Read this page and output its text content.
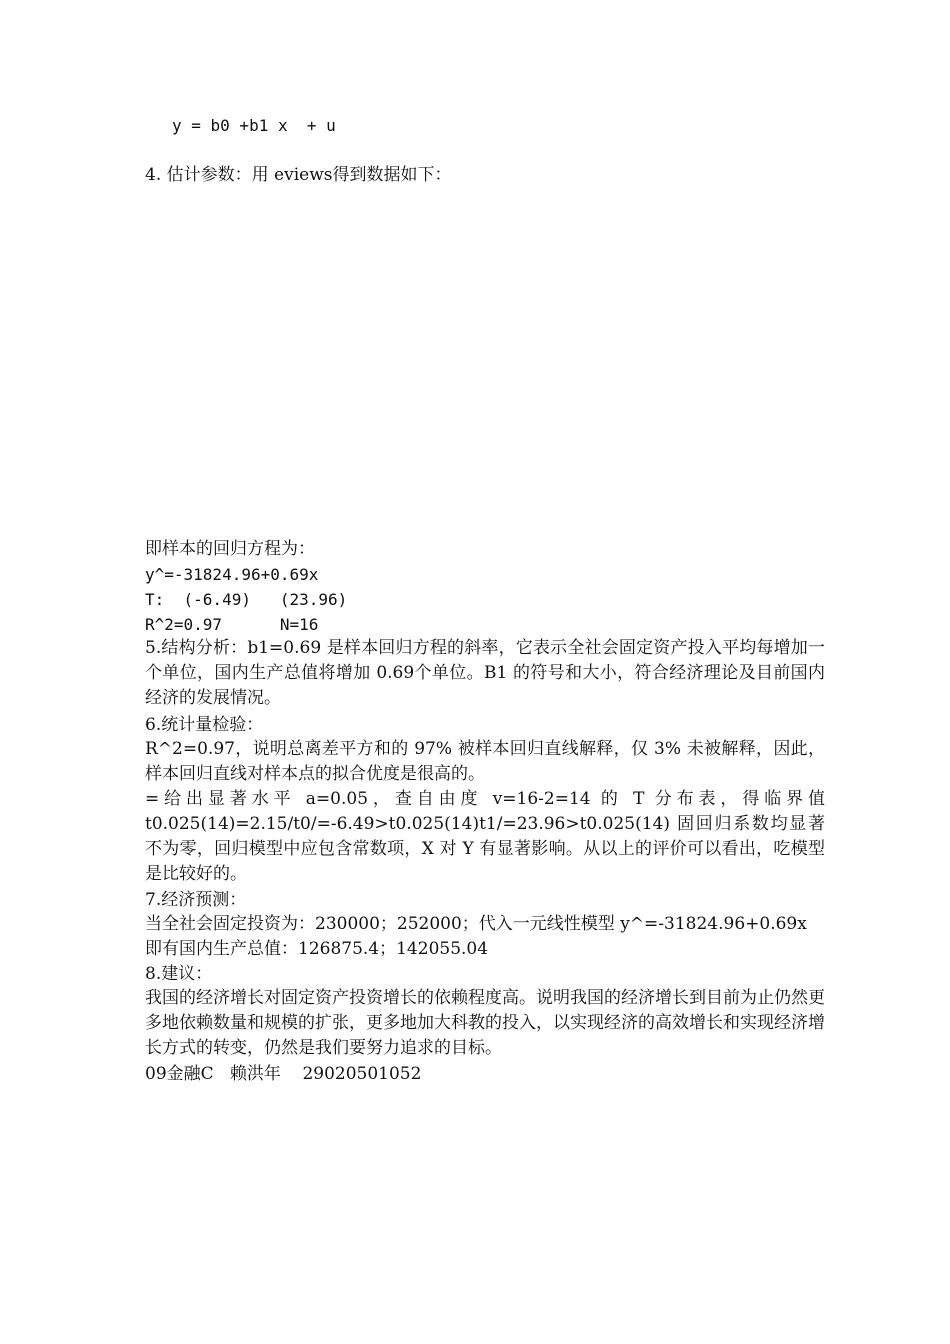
y = b0 +b1 x  + u
4. 估计参数：用 eviews得到数据如下：
即样本的回归方程为：
y^=-31824.96+0.69x
T:  (-6.49)   (23.96)
R^2=0.97      N=16
5.结构分析：b1=0.69 是样本回归方程的斜率，它表示全社会固定资产投入平均每增加一个单位，国内生产总值将增加 0.69个单位。B1 的符号和大小，符合经济理论及目前国内经济的发展情况。
6.统计量检验：
R^2=0.97，说明总离差平方和的 97% 被样本回归直线解释，仅 3% 未被解释，因此，样本回归直线对样本点的拟合优度是很高的。
=给出显著水平 a=0.05，查自由度 v=16-2=14 的 T 分布表，得临界值 t0.025(14)=2.15/t0/=-6.49>t0.025(14)t1/=23.96>t0.025(14) 固回归系数均显著不为零，回归模型中应包含常数项，X 对 Y 有显著影响。从以上的评价可以看出，吃模型是比较好的。
7.经济预测：
当全社会固定投资为：230000；252000；代入一元线性模型 y^=-31824.96+0.69x
即有国内生产总值：126875.4；142055.04
8.建议：
我国的经济增长对固定资产投资增长的依赖程度高。说明我国的经济增长到目前为止仍然更多地依赖数量和规模的扩张，更多地加大科教的投入，以实现经济的高效增长和实现经济增长方式的转变，仍然是我们要努力追求的目标。
09金融C   赖洪年    29020501052
